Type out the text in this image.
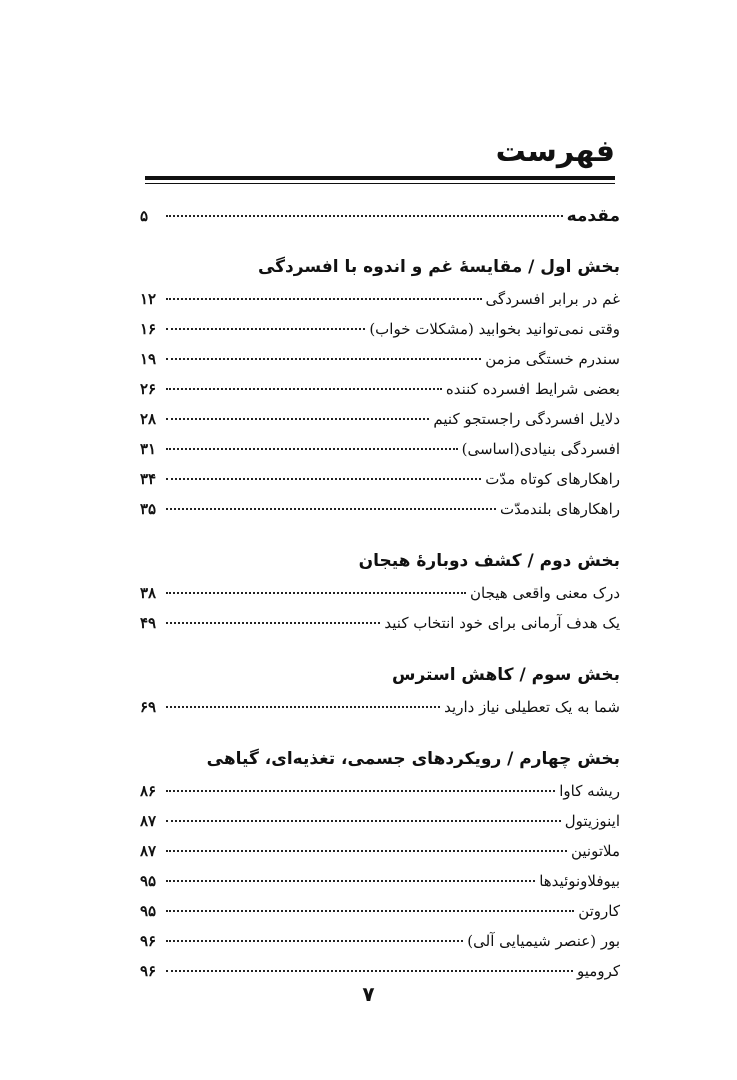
فهرست
مقدمه
۵
بخش اول / مقایسهٔ غم و اندوه با افسردگی
غم در برابر افسردگی
۱۲
وقتی نمی‌توانید بخوابید (مشکلات خواب)
۱۶
سندرم خستگی مزمن
۱۹
بعضی شرایط افسرده کننده
۲۶
دلایل افسردگی راجستجو کنیم
۲۸
افسردگی بنیادی(اساسی)
۳۱
راهکارهای کوتاه مدّت
۳۴
راهکارهای بلندمدّت
۳۵
بخش دوم / کشف دوبارهٔ هیجان
درک معنی واقعی هیجان
۳۸
یک هدف آرمانی برای خود انتخاب کنید
۴۹
بخش سوم / کاهش استرس
شما به یک تعطیلی نیاز دارید
۶۹
بخش چهارم / رویکردهای جسمی، تغذیه‌ای، گیاهی
ریشه کاوا
۸۶
اینوزیتول
۸۷
ملاتونین
۸۷
بیوفلاونوئیدها
۹۵
کاروتن
۹۵
بور (عنصر شیمیایی آلی)
۹۶
کرومیو
۹۶
۷
